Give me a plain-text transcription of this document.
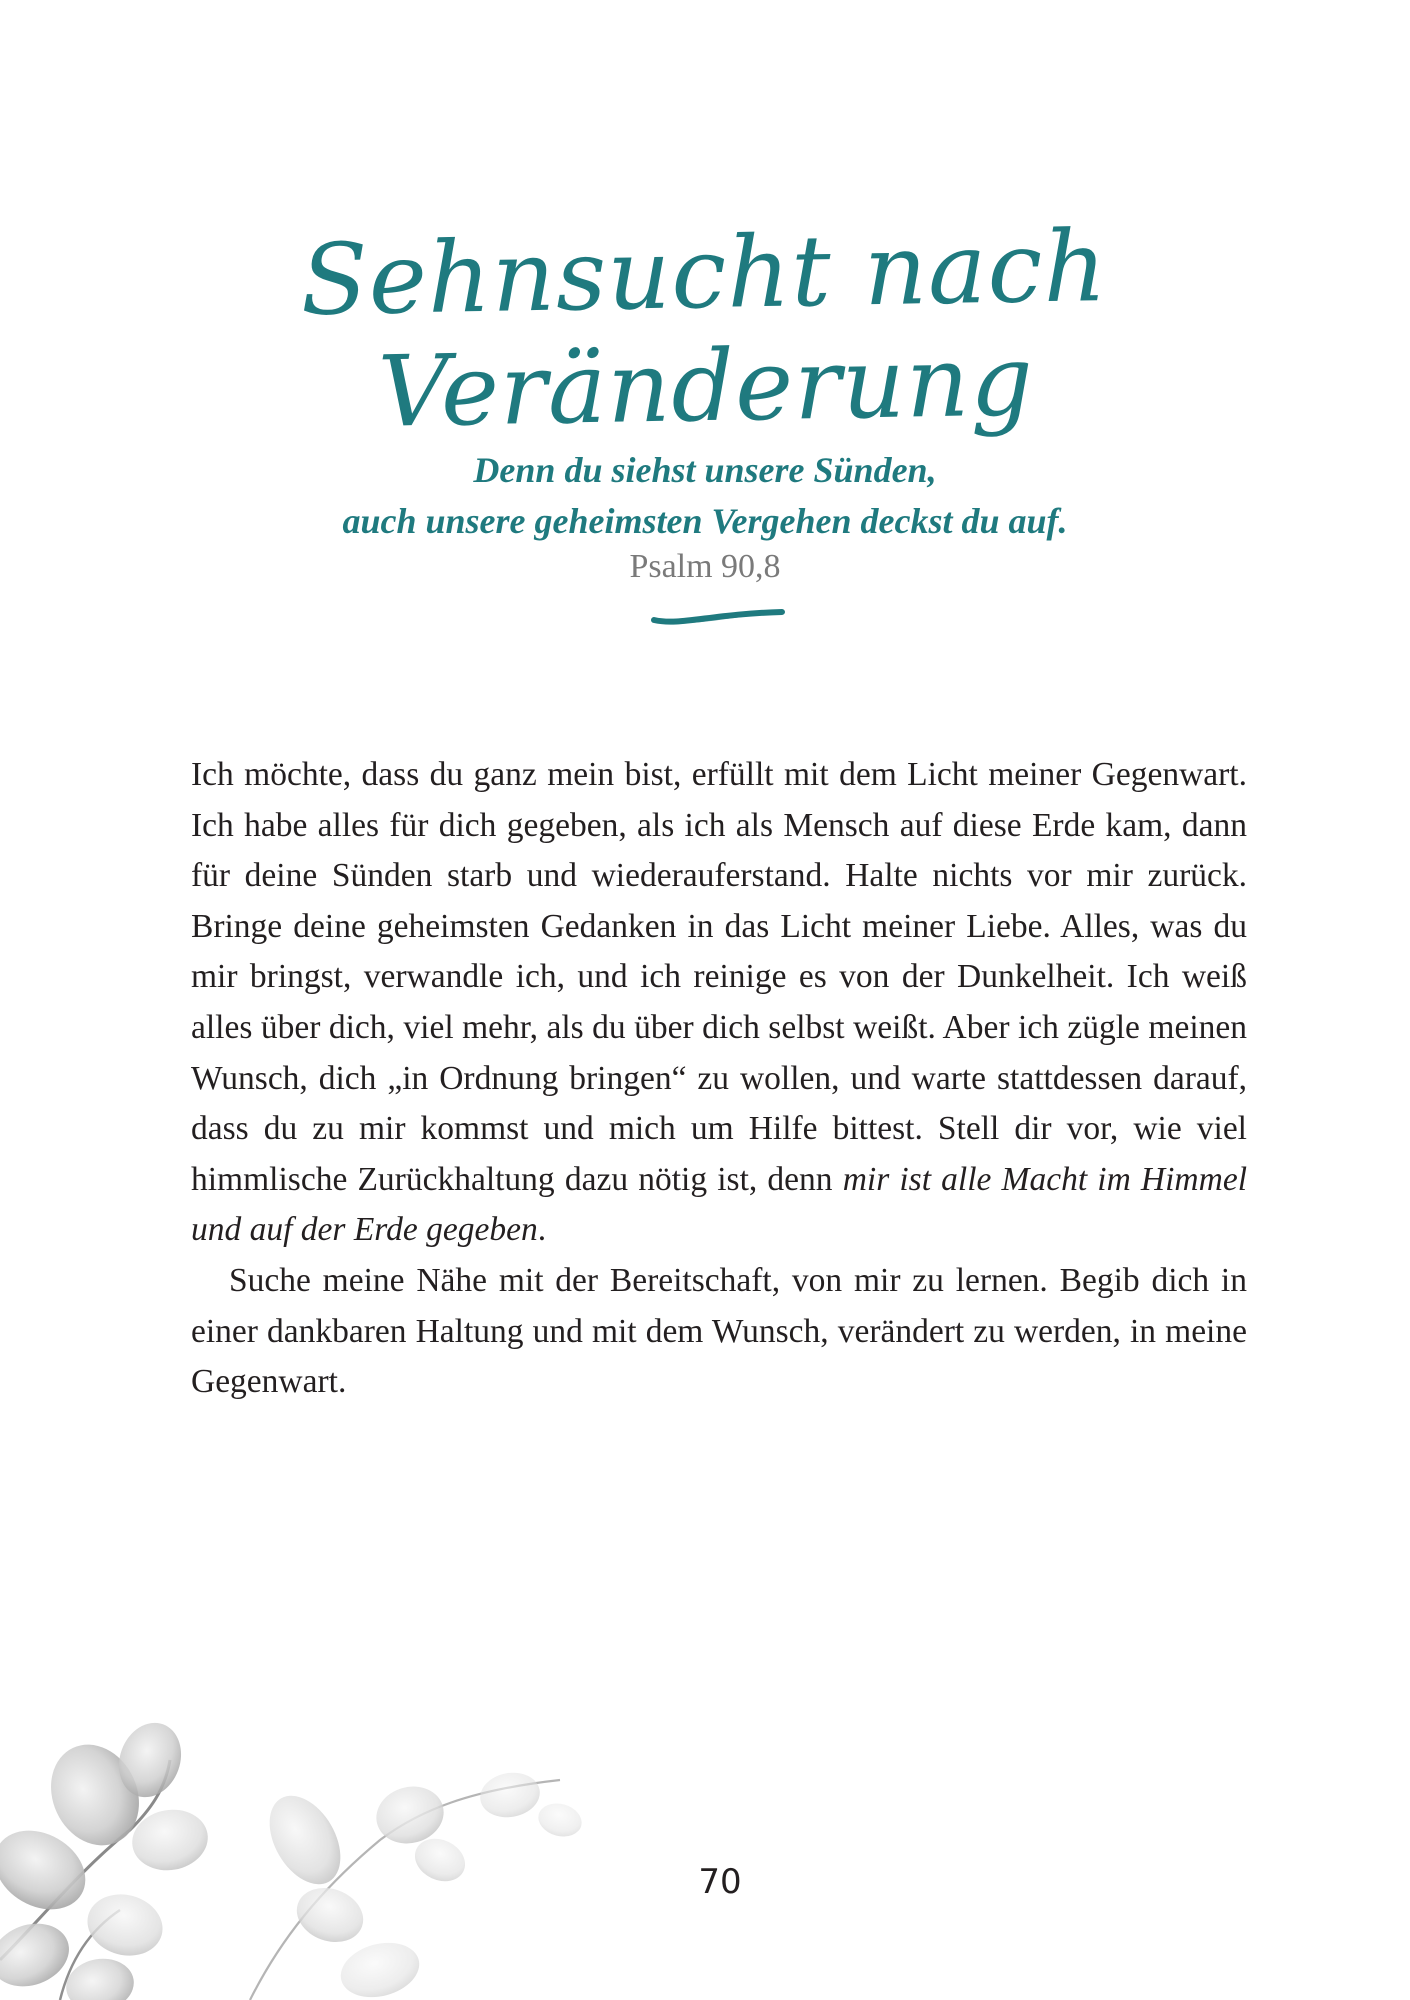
Sehnsucht nach Veränderung
Denn du siehst unsere Sünden,
auch unsere geheimsten Vergehen deckst du auf.
Psalm 90,8

Ich möchte, dass du ganz mein bist, erfüllt mit dem Licht meiner Gegenwart. Ich habe alles für dich gegeben, als ich als Mensch auf diese Erde kam, dann für deine Sünden starb und wiederauferstand. Halte nichts vor mir zurück. Bringe deine geheimsten Gedanken in das Licht meiner Liebe. Alles, was du mir bringst, verwandle ich, und ich reinige es von der Dunkelheit. Ich weiß alles über dich, viel mehr, als du über dich selbst weißt. Aber ich zügle meinen Wunsch, dich „in Ordnung bringen“ zu wollen, und warte stattdessen darauf, dass du zu mir kommst und mich um Hilfe bittest. Stell dir vor, wie viel himmlische Zurückhaltung dazu nötig ist, denn mir ist alle Macht im Himmel und auf der Erde gegeben.

Suche meine Nähe mit der Bereitschaft, von mir zu lernen. Begib dich in einer dankbaren Haltung und mit dem Wunsch, verändert zu werden, in meine Gegenwart.

70
